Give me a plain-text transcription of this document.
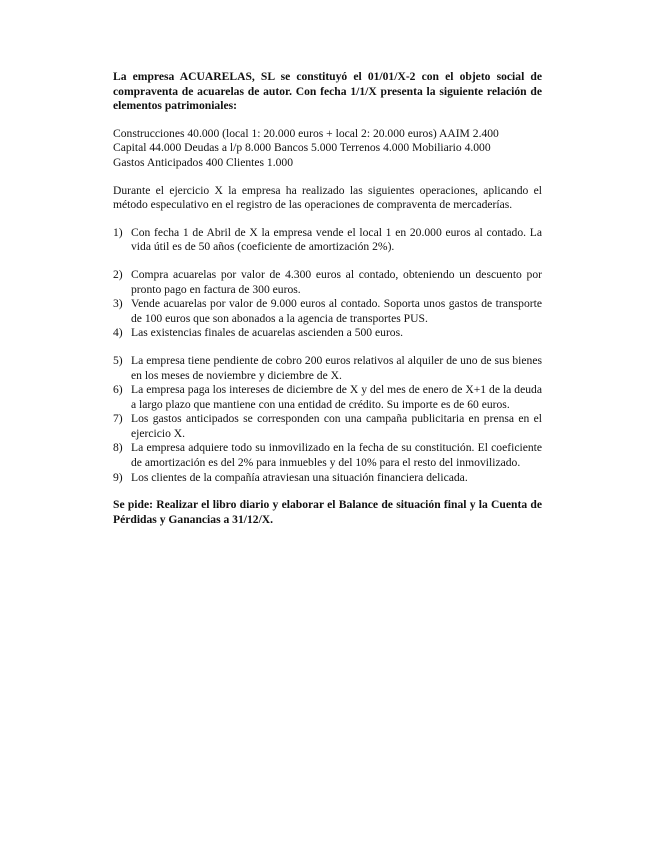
La empresa ACUARELAS, SL se constituyó el 01/01/X-2 con el objeto social de compraventa de acuarelas de autor. Con fecha 1/1/X presenta la siguiente relación de elementos patrimoniales:

Construcciones 40.000 (local 1: 20.000 euros + local 2: 20.000 euros) AAIM 2.400
Capital 44.000 Deudas a l/p 8.000 Bancos 5.000 Terrenos 4.000 Mobiliario 4.000
Gastos Anticipados 400 Clientes 1.000

Durante el ejercicio X la empresa ha realizado las siguientes operaciones, aplicando el método especulativo en el registro de las operaciones de compraventa de mercaderías.

1) Con fecha 1 de Abril de X la empresa vende el local 1 en 20.000 euros al contado. La vida útil es de 50 años (coeficiente de amortización 2%).
2) Compra acuarelas por valor de 4.300 euros al contado, obteniendo un descuento por pronto pago en factura de 300 euros.
3) Vende acuarelas por valor de 9.000 euros al contado. Soporta unos gastos de transporte de 100 euros que son abonados a la agencia de transportes PUS.
4) Las existencias finales de acuarelas ascienden a 500 euros.
5) La empresa tiene pendiente de cobro 200 euros relativos al alquiler de uno de sus bienes en los meses de noviembre y diciembre de X.
6) La empresa paga los intereses de diciembre de X y del mes de enero de X+1 de la deuda a largo plazo que mantiene con una entidad de crédito. Su importe es de 60 euros.
7) Los gastos anticipados se corresponden con una campaña publicitaria en prensa en el ejercicio X.
8) La empresa adquiere todo su inmovilizado en la fecha de su constitución. El coeficiente de amortización es del 2% para inmuebles y del 10% para el resto del inmovilizado.
9) Los clientes de la compañía atraviesan una situación financiera delicada.

Se pide: Realizar el libro diario y elaborar el Balance de situación final y la Cuenta de Pérdidas y Ganancias a 31/12/X.
